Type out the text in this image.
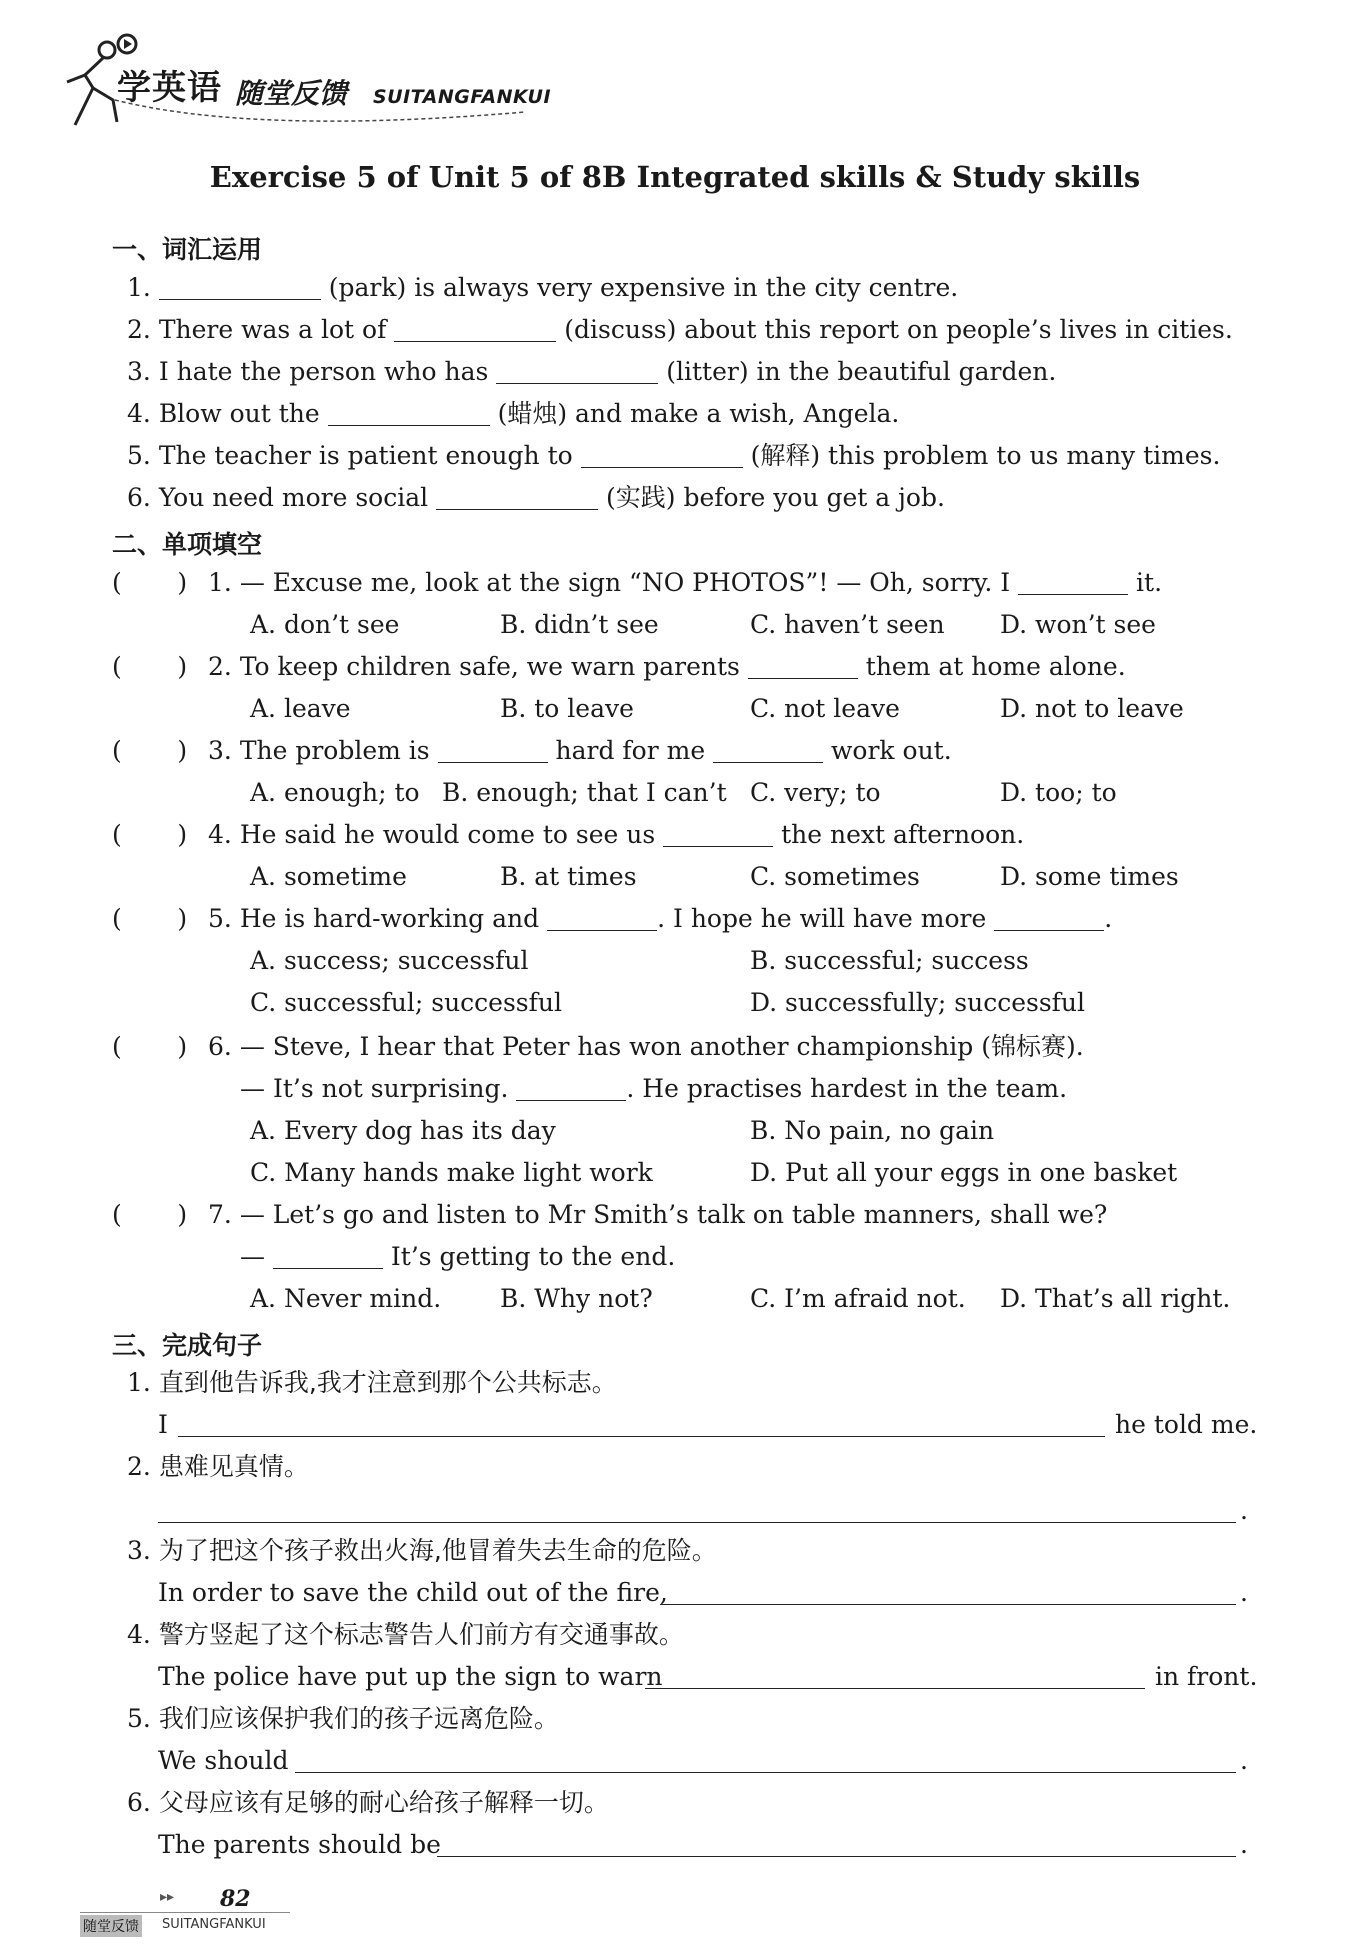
学英语 随堂反馈 SUITANGFANKUI
Exercise 5 of Unit 5 of 8B Integrated skills & Study skills
一、词汇运用
1.	(park) is always very expensive in the city centre.
2. There was a lot of	(discuss) about this report on people’s lives in cities.
3. I hate the person who has	(litter) in the beautiful garden.
4. Blow out the	(蜡烛) and make a wish, Angela.
5. The teacher is patient enough to	(解释) this problem to us many times.
6. You need more social	(实践) before you get a job.
二、单项填空
(       ) 1. — Excuse me, look at the sign “NO PHOTOS”! — Oh, sorry. I	it.
A. don’t see	B. didn’t see	C. haven’t seen D. won’t see
(       ) 2. To keep children safe, we warn parents	them at home alone.
A. leave	B. to leave	C. not leave	D. not to leave
(       ) 3. The problem is	hard for me	work out.
A. enough; to B. enough; that I can’t C. very; to	D. too; to
(       ) 4. He said he would come to see us	the next afternoon.
A. sometime	B. at times	C. sometimes	D. some times
(       ) 5. He is hard-working and	. I hope he will have more	.
A. success; successful	B. successful; success
C. successful; successful	D. successfully; successful
(       ) 6. — Steve, I hear that Peter has won another championship (锦标赛).
— It’s not surprising.	. He practises hardest in the team.
A. Every dog has its day	B. No pain, no gain
C. Many hands make light work	D. Put all your eggs in one basket
(       ) 7. — Let’s go and listen to Mr Smith’s talk on table manners, shall we?
—	It’s getting to the end.
A. Never mind. B. Why not?	C. I’m afraid not. D. That’s all right.
三、完成句子
1. 直到他告诉我,我才注意到那个公共标志。
I	he told me.
2. 患难见真情。
.
3. 为了把这个孩子救出火海,他冒着失去生命的危险。
In order to save the child out of the fire,	.
4. 警方竖起了这个标志警告人们前方有交通事故。
The police have put up the sign to warn	in front.
5. 我们应该保护我们的孩子远离危险。
We should	.
6. 父母应该有足够的耐心给孩子解释一切。
The parents should be	.
▸▸ 82
随堂反馈 SUITANGFANKUI
